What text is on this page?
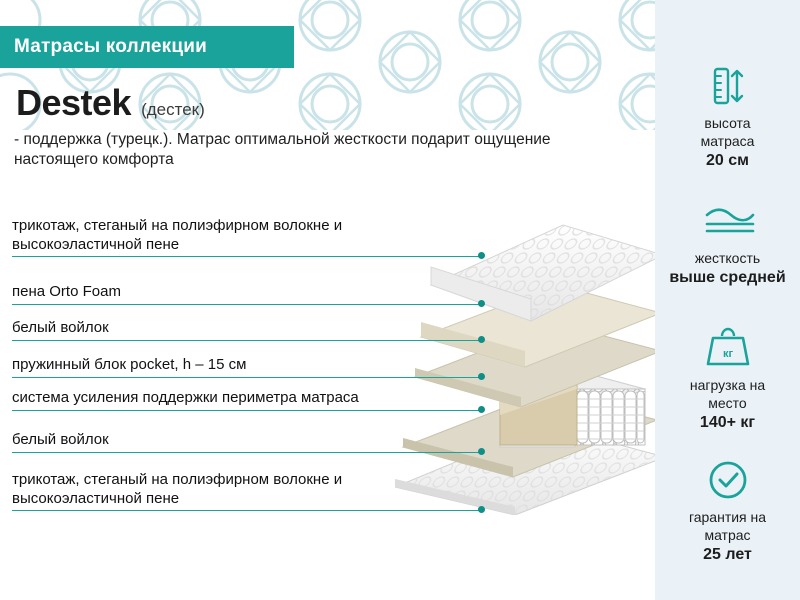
Матрасы коллекции
Destek (дестек)
- поддержка (турецк.). Матрас оптимальной жесткости подарит ощущение настоящего комфорта
трикотаж, стеганый на полиэфирном волокне и высокоэластичной пене
пена Orto Foam
белый войлок
пружинный блок pocket, h – 15 см
система усиления поддержки периметра матраса
белый войлок
трикотаж, стеганый на полиэфирном волокне и высокоэластичной пене
высота
матраса
20 см
жесткость
выше средней
кг
нагрузка на
место
140+ кг
гарантия на
матрас
25 лет
